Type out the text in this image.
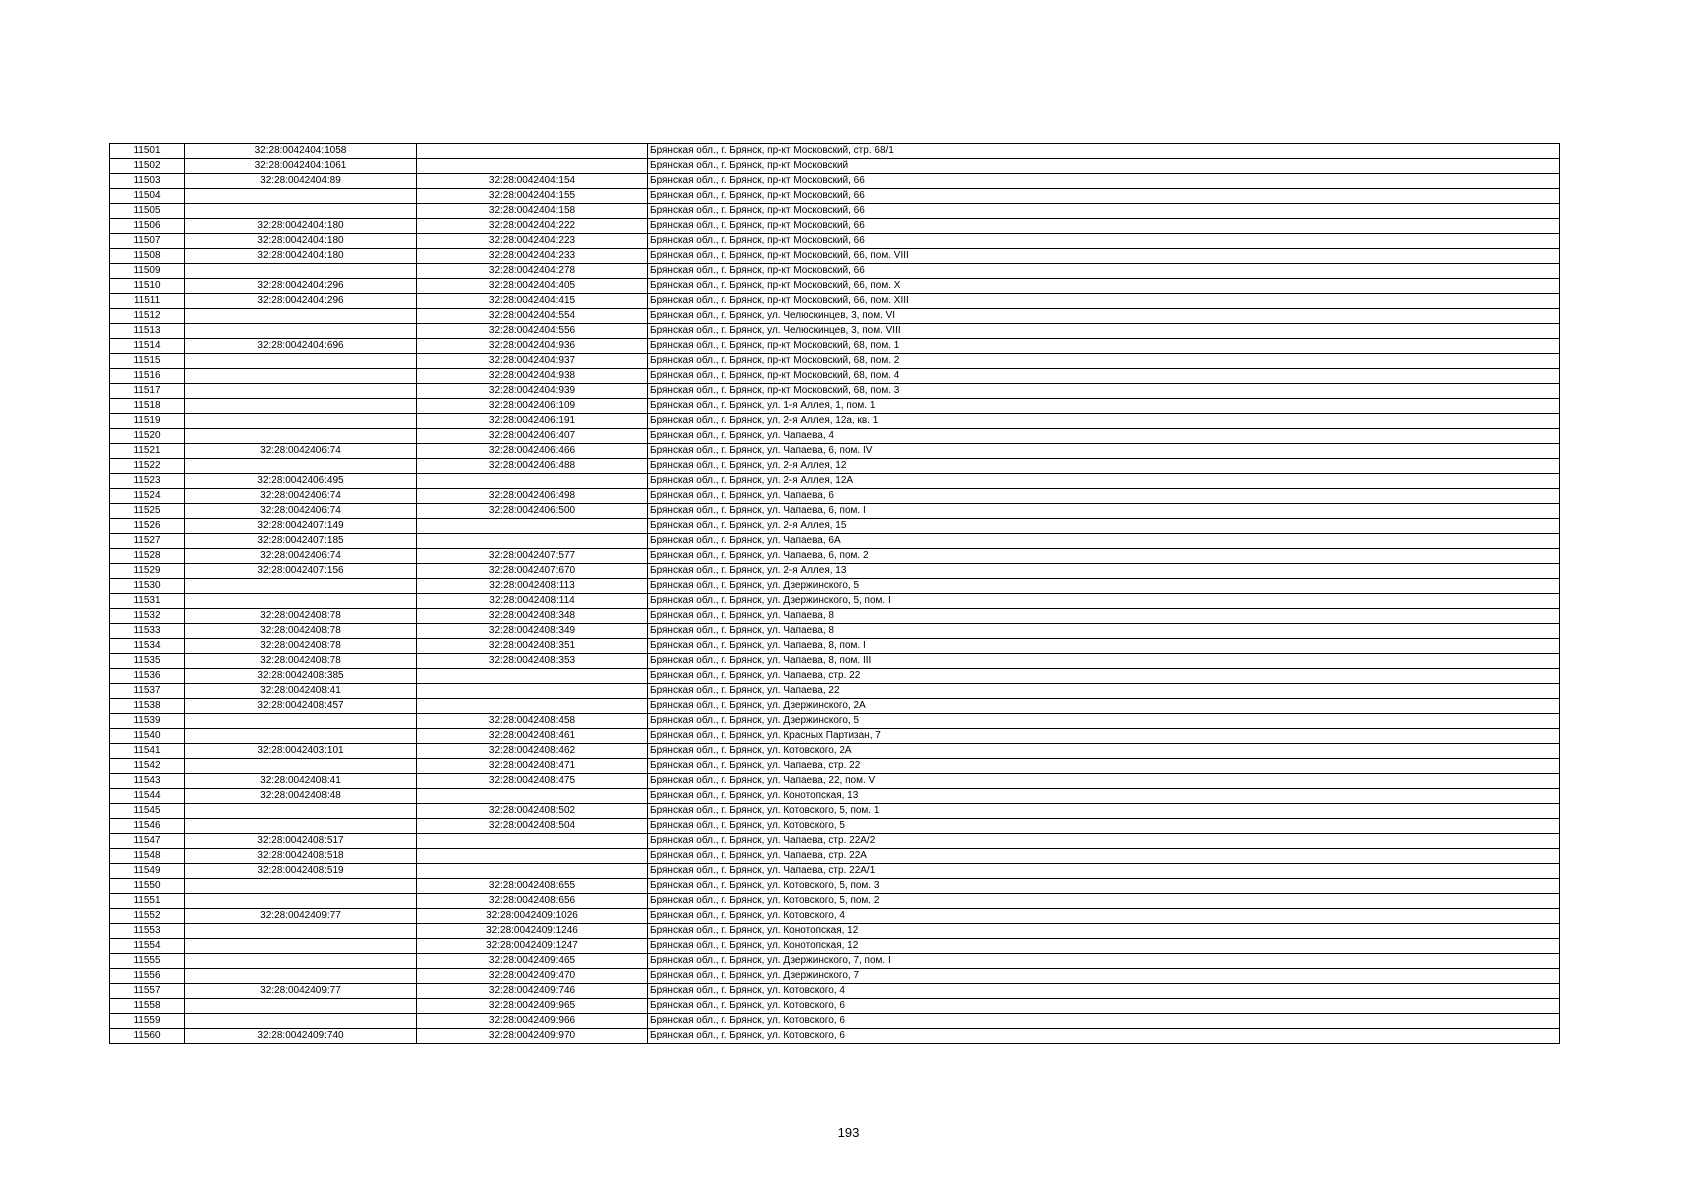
11501	32:28:0042404:1058		Брянская обл., г. Брянск, пр-кт Московский, стр. 68/1
11502	32:28:0042404:1061		Брянская обл., г. Брянск, пр-кт Московский
11503	32:28:0042404:89	32:28:0042404:154	Брянская обл., г. Брянск, пр-кт Московский, 66
11504		32:28:0042404:155	Брянская обл., г. Брянск, пр-кт Московский, 66
11505		32:28:0042404:158	Брянская обл., г. Брянск, пр-кт Московский, 66
11506	32:28:0042404:180	32:28:0042404:222	Брянская обл., г. Брянск, пр-кт Московский, 66
11507	32:28:0042404:180	32:28:0042404:223	Брянская обл., г. Брянск, пр-кт Московский, 66
11508	32:28:0042404:180	32:28:0042404:233	Брянская обл., г. Брянск, пр-кт Московский, 66, пом. VIII
11509		32:28:0042404:278	Брянская обл., г. Брянск, пр-кт Московский, 66
11510	32:28:0042404:296	32:28:0042404:405	Брянская обл., г. Брянск, пр-кт Московский, 66, пом. X
11511	32:28:0042404:296	32:28:0042404:415	Брянская обл., г. Брянск, пр-кт Московский, 66, пом. XIII
11512		32:28:0042404:554	Брянская обл., г. Брянск, ул. Челюскинцев, 3, пом. VI
11513		32:28:0042404:556	Брянская обл., г. Брянск, ул. Челюскинцев, 3, пом. VIII
11514	32:28:0042404:696	32:28:0042404:936	Брянская обл., г. Брянск, пр-кт Московский, 68, пом. 1
11515		32:28:0042404:937	Брянская обл., г. Брянск, пр-кт Московский, 68, пом. 2
11516		32:28:0042404:938	Брянская обл., г. Брянск, пр-кт Московский, 68, пом. 4
11517		32:28:0042404:939	Брянская обл., г. Брянск, пр-кт Московский, 68, пом. 3
11518		32:28:0042406:109	Брянская обл., г. Брянск, ул. 1-я Аллея, 1, пом. 1
11519		32:28:0042406:191	Брянская обл., г. Брянск, ул. 2-я Аллея, 12а, кв. 1
11520		32:28:0042406:407	Брянская обл., г. Брянск, ул. Чапаева, 4
11521	32:28:0042406:74	32:28:0042406:466	Брянская обл., г. Брянск, ул. Чапаева, 6, пом. IV
11522		32:28:0042406:488	Брянская обл., г. Брянск, ул. 2-я Аллея, 12
11523	32:28:0042406:495		Брянская обл., г. Брянск, ул. 2-я Аллея, 12А
11524	32:28:0042406:74	32:28:0042406:498	Брянская обл., г. Брянск, ул. Чапаева, 6
11525	32:28:0042406:74	32:28:0042406:500	Брянская обл., г. Брянск, ул. Чапаева, 6, пом. I
11526	32:28:0042407:149		Брянская обл., г. Брянск, ул. 2-я Аллея, 15
11527	32:28:0042407:185		Брянская обл., г. Брянск, ул. Чапаева, 6А
11528	32:28:0042406:74	32:28:0042407:577	Брянская обл., г. Брянск, ул. Чапаева, 6, пом. 2
11529	32:28:0042407:156	32:28:0042407:670	Брянская обл., г. Брянск, ул. 2-я Аллея, 13
11530		32:28:0042408:113	Брянская обл., г. Брянск, ул. Дзержинского, 5
11531		32:28:0042408:114	Брянская обл., г. Брянск, ул. Дзержинского, 5, пом. I
11532	32:28:0042408:78	32:28:0042408:348	Брянская обл., г. Брянск, ул. Чапаева, 8
11533	32:28:0042408:78	32:28:0042408:349	Брянская обл., г. Брянск, ул. Чапаева, 8
11534	32:28:0042408:78	32:28:0042408:351	Брянская обл., г. Брянск, ул. Чапаева, 8, пом. I
11535	32:28:0042408:78	32:28:0042408:353	Брянская обл., г. Брянск, ул. Чапаева, 8, пом. III
11536	32:28:0042408:385		Брянская обл., г. Брянск, ул. Чапаева, стр. 22
11537	32:28:0042408:41		Брянская обл., г. Брянск, ул. Чапаева, 22
11538	32:28:0042408:457		Брянская обл., г. Брянск, ул. Дзержинского, 2А
11539		32:28:0042408:458	Брянская обл., г. Брянск, ул. Дзержинского, 5
11540		32:28:0042408:461	Брянская обл., г. Брянск, ул. Красных Партизан, 7
11541	32:28:0042403:101	32:28:0042408:462	Брянская обл., г. Брянск, ул. Котовского, 2А
11542		32:28:0042408:471	Брянская обл., г. Брянск, ул. Чапаева, стр. 22
11543	32:28:0042408:41	32:28:0042408:475	Брянская обл., г. Брянск, ул. Чапаева, 22, пом. V
11544	32:28:0042408:48		Брянская обл., г. Брянск, ул. Конотопская, 13
11545		32:28:0042408:502	Брянская обл., г. Брянск, ул. Котовского, 5, пом. 1
11546		32:28:0042408:504	Брянская обл., г. Брянск, ул. Котовского, 5
11547	32:28:0042408:517		Брянская обл., г. Брянск, ул. Чапаева, стр. 22А/2
11548	32:28:0042408:518		Брянская обл., г. Брянск, ул. Чапаева, стр. 22А
11549	32:28:0042408:519		Брянская обл., г. Брянск, ул. Чапаева, стр. 22А/1
11550		32:28:0042408:655	Брянская обл., г. Брянск, ул. Котовского, 5, пом. 3
11551		32:28:0042408:656	Брянская обл., г. Брянск, ул. Котовского, 5, пом. 2
11552	32:28:0042409:77	32:28:0042409:1026	Брянская обл., г. Брянск, ул. Котовского, 4
11553		32:28:0042409:1246	Брянская обл., г. Брянск, ул. Конотопская, 12
11554		32:28:0042409:1247	Брянская обл., г. Брянск, ул. Конотопская, 12
11555		32:28:0042409:465	Брянская обл., г. Брянск, ул. Дзержинского, 7, пом. I
11556		32:28:0042409:470	Брянская обл., г. Брянск, ул. Дзержинского, 7
11557	32:28:0042409:77	32:28:0042409:746	Брянская обл., г. Брянск, ул. Котовского, 4
11558		32:28:0042409:965	Брянская обл., г. Брянск, ул. Котовского, 6
11559		32:28:0042409:966	Брянская обл., г. Брянск, ул. Котовского, 6
11560	32:28:0042409:740	32:28:0042409:970	Брянская обл., г. Брянск, ул. Котовского, 6
193
